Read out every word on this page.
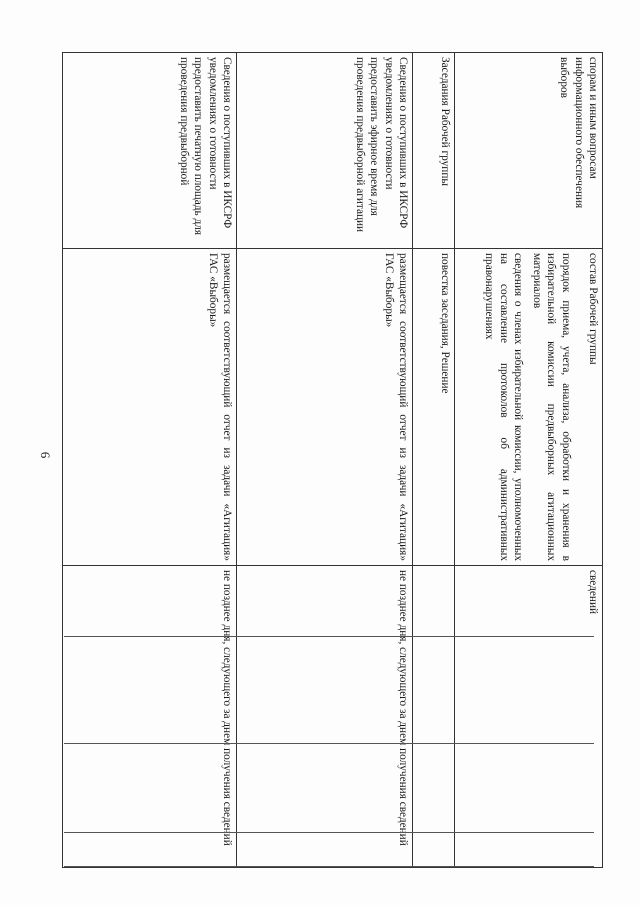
6
спорам и иным вопросам информационного обеспечения выборов	состав Рабочей группы
порядок приема, учета, анализа, обработки и хранения в избирательной комиссии предвыборных агитационных материалов
сведения о членах избирательной комиссии, уполномоченных на составление протоколов об административных правонарушениях	сведений
Заседания Рабочей группы	повестка заседания, Решение	
Сведения о поступивших в ИКСРФ уведомлениях о готовности предоставить эфирное время для проведения предвыборной агитации	размещается соответствующий отчет из задачи «Агитация» ГАС «Выборы»	не позднее дня, следующего за днем получения сведений
Сведения о поступивших в ИКСРФ уведомлениях о готовности предоставить печатную площадь для проведения предвыборной	размещается соответствующий отчет из задачи «Агитация» ГАС «Выборы»	не позднее дня, следующего за днем получения сведений
